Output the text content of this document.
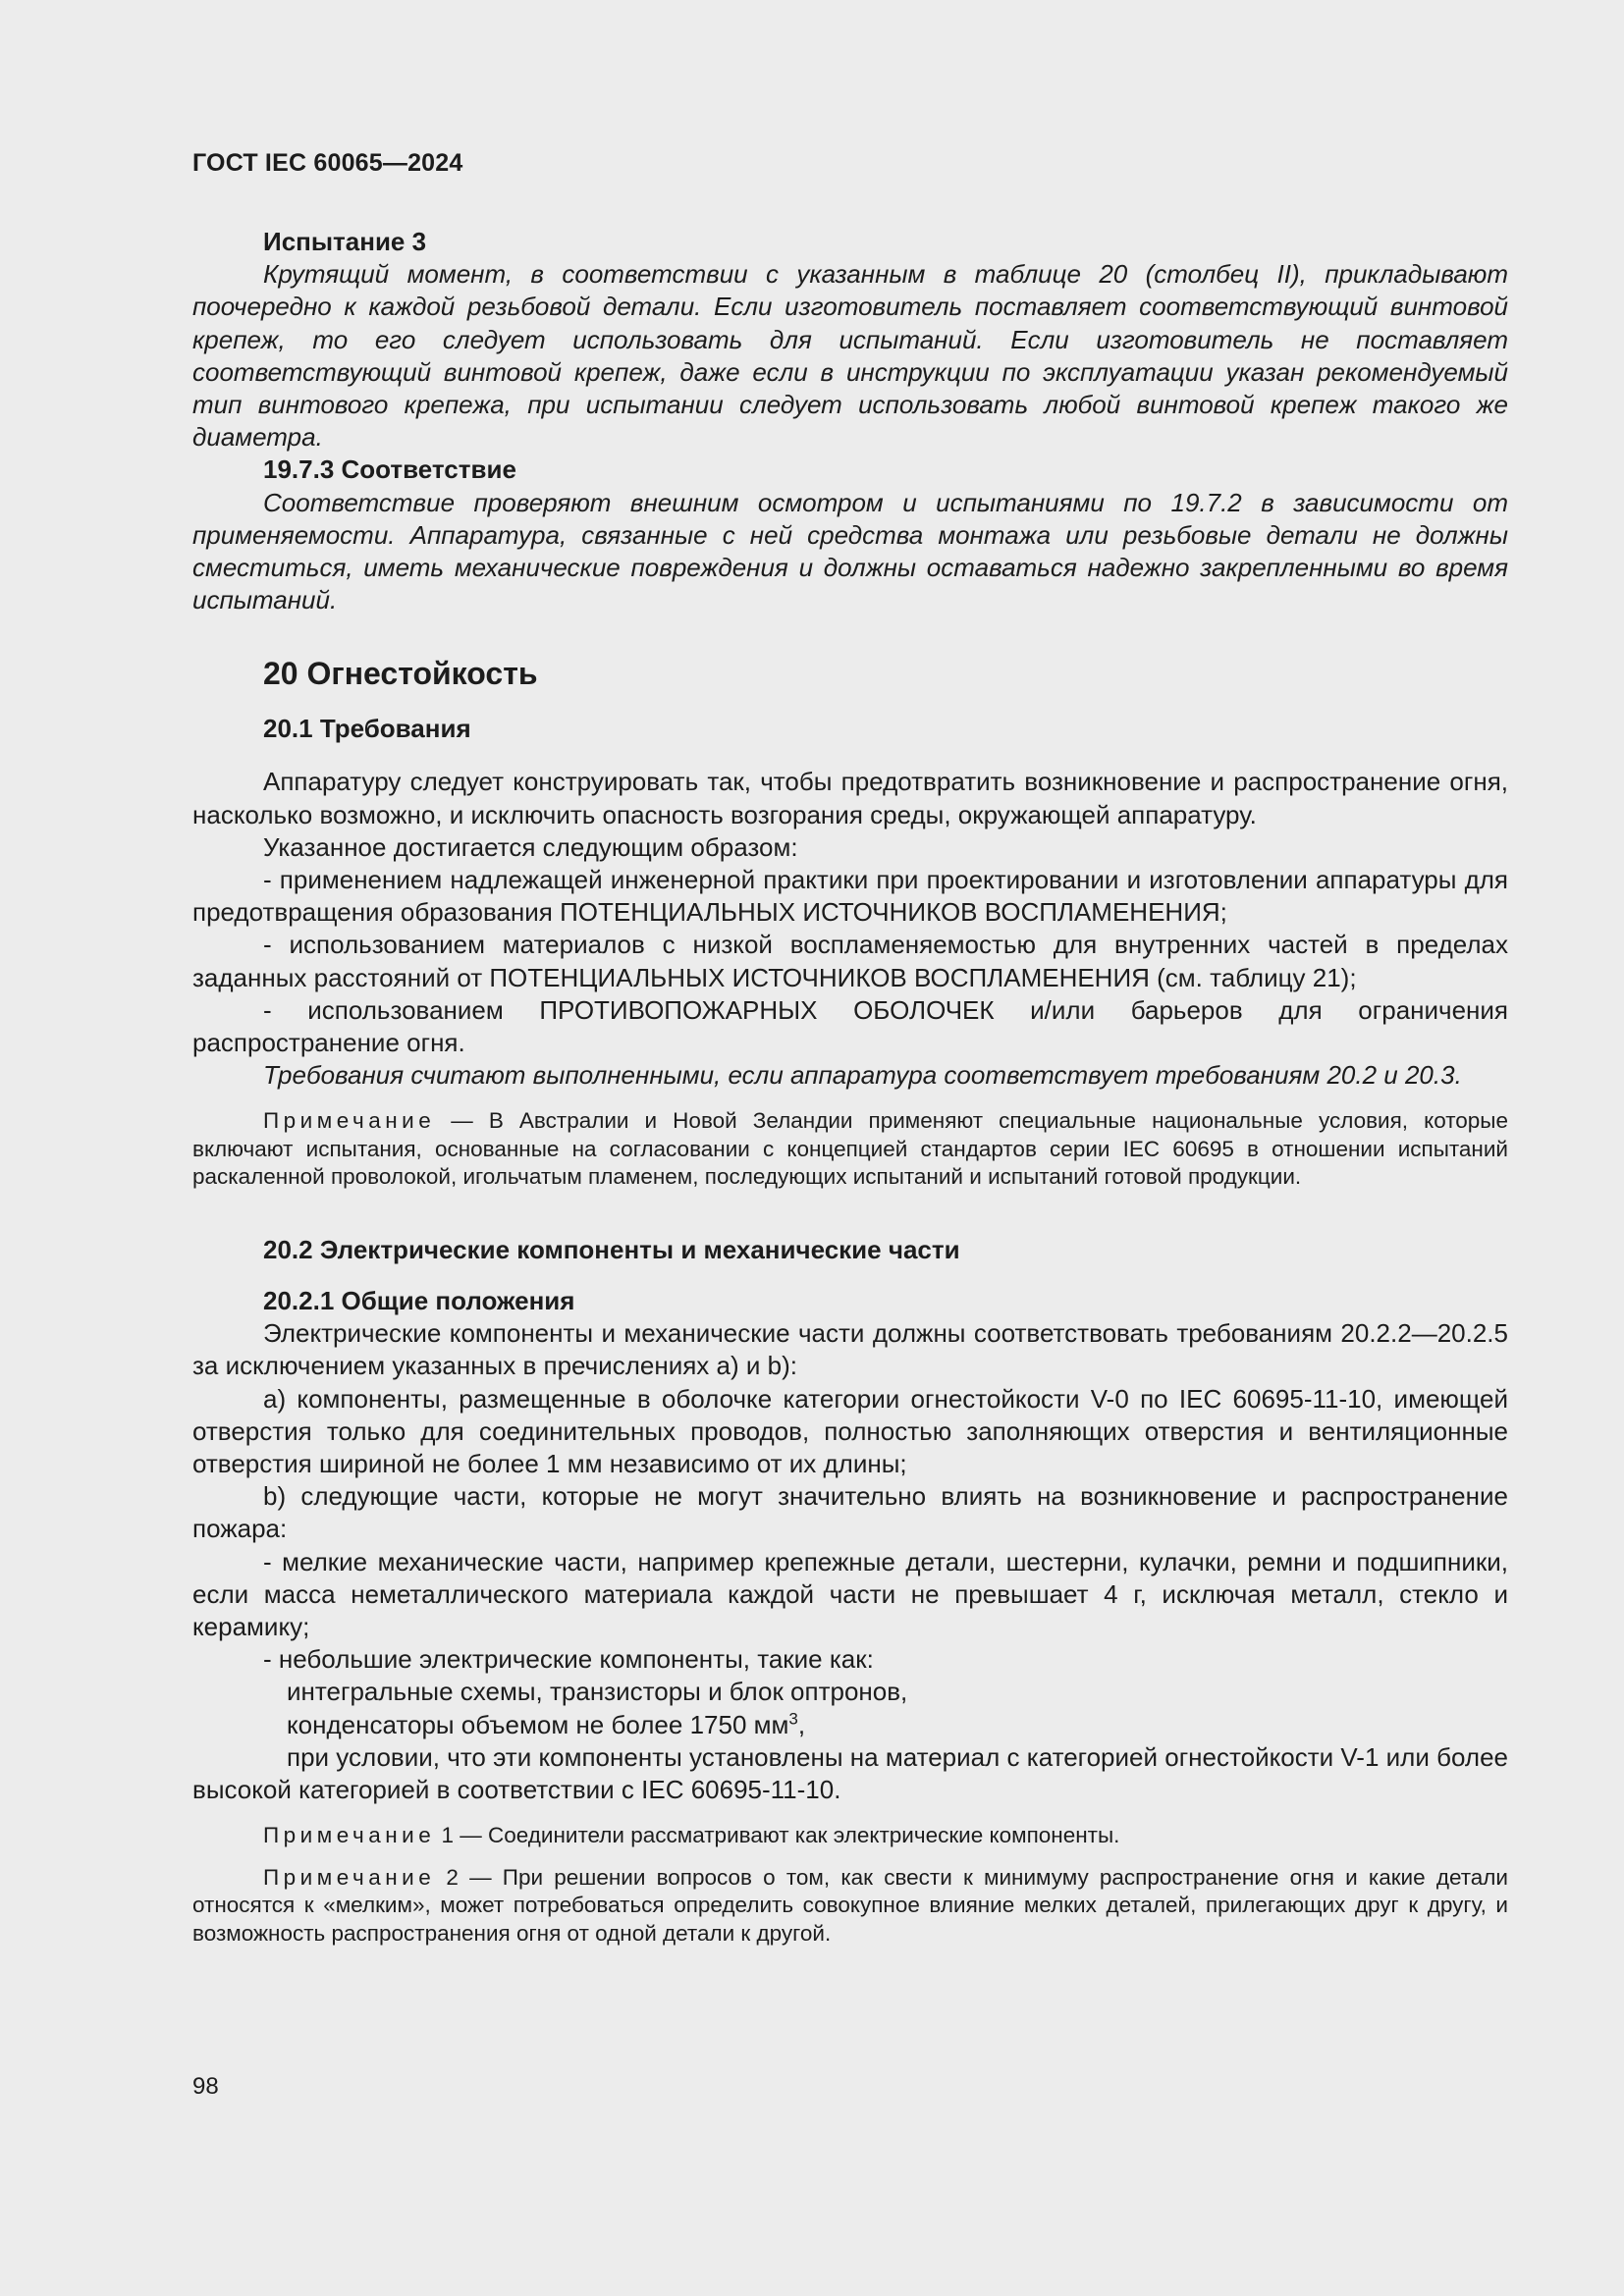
ГОСТ IEC 60065—2024

Испытание 3

Крутящий момент, в соответствии с указанным в таблице 20 (столбец II), прикладывают поочередно к каждой резьбовой детали. Если изготовитель поставляет соответствующий винтовой крепеж, то его следует использовать для испытаний. Если изготовитель не поставляет соответствующий винтовой крепеж, даже если в инструкции по эксплуатации указан рекомендуемый тип винтового крепежа, при испытании следует использовать любой винтовой крепеж такого же диаметра.

19.7.3 Соответствие

Соответствие проверяют внешним осмотром и испытаниями по 19.7.2 в зависимости от применяемости. Аппаратура, связанные с ней средства монтажа или резьбовые детали не должны сместиться, иметь механические повреждения и должны оставаться надежно закрепленными во время испытаний.

20 Огнестойкость

20.1 Требования

Аппаратуру следует конструировать так, чтобы предотвратить возникновение и распространение огня, насколько возможно, и исключить опасность возгорания среды, окружающей аппаратуру.

Указанное достигается следующим образом:

- применением надлежащей инженерной практики при проектировании и изготовлении аппаратуры для предотвращения образования ПОТЕНЦИАЛЬНЫХ ИСТОЧНИКОВ ВОСПЛАМЕНЕНИЯ;

- использованием материалов с низкой воспламеняемостью для внутренних частей в пределах заданных расстояний от ПОТЕНЦИАЛЬНЫХ ИСТОЧНИКОВ ВОСПЛАМЕНЕНИЯ (см. таблицу 21);

- использованием ПРОТИВОПОЖАРНЫХ ОБОЛОЧЕК и/или барьеров для ограничения распространение огня.

Требования считают выполненными, если аппаратура соответствует требованиям 20.2 и 20.3.

Примечание — В Австралии и Новой Зеландии применяют специальные национальные условия, которые включают испытания, основанные на согласовании с концепцией стандартов серии IEC 60695 в отношении испытаний раскаленной проволокой, игольчатым пламенем, последующих испытаний и испытаний готовой продукции.

20.2 Электрические компоненты и механические части

20.2.1 Общие положения

Электрические компоненты и механические части должны соответствовать требованиям 20.2.2—20.2.5 за исключением указанных в пречислениях a) и b):

a) компоненты, размещенные в оболочке категории огнестойкости V-0 по IEC 60695-11-10, имеющей отверстия только для соединительных проводов, полностью заполняющих отверстия и вентиляционные отверстия шириной не более 1 мм независимо от их длины;

b) следующие части, которые не могут значительно влиять на возникновение и распространение пожара:

- мелкие механические части, например крепежные детали, шестерни, кулачки, ремни и подшипники, если масса неметаллического материала каждой части не превышает 4 г, исключая металл, стекло и керамику;

- небольшие электрические компоненты, такие как:

интегральные схемы, транзисторы и блок оптронов,

конденсаторы объемом не более 1750 $мм^3$,

при условии, что эти компоненты установлены на материал с категорией огнестойкости V-1 или более высокой категорией в соответствии с IEC 60695-11-10.

Примечание 1 — Соединители рассматривают как электрические компоненты.

Примечание 2 — При решении вопросов о том, как свести к минимуму распространение огня и какие детали относятся к «мелким», может потребоваться определить совокупное влияние мелких деталей, прилегающих друг к другу, и возможность распространения огня от одной детали к другой.

98
